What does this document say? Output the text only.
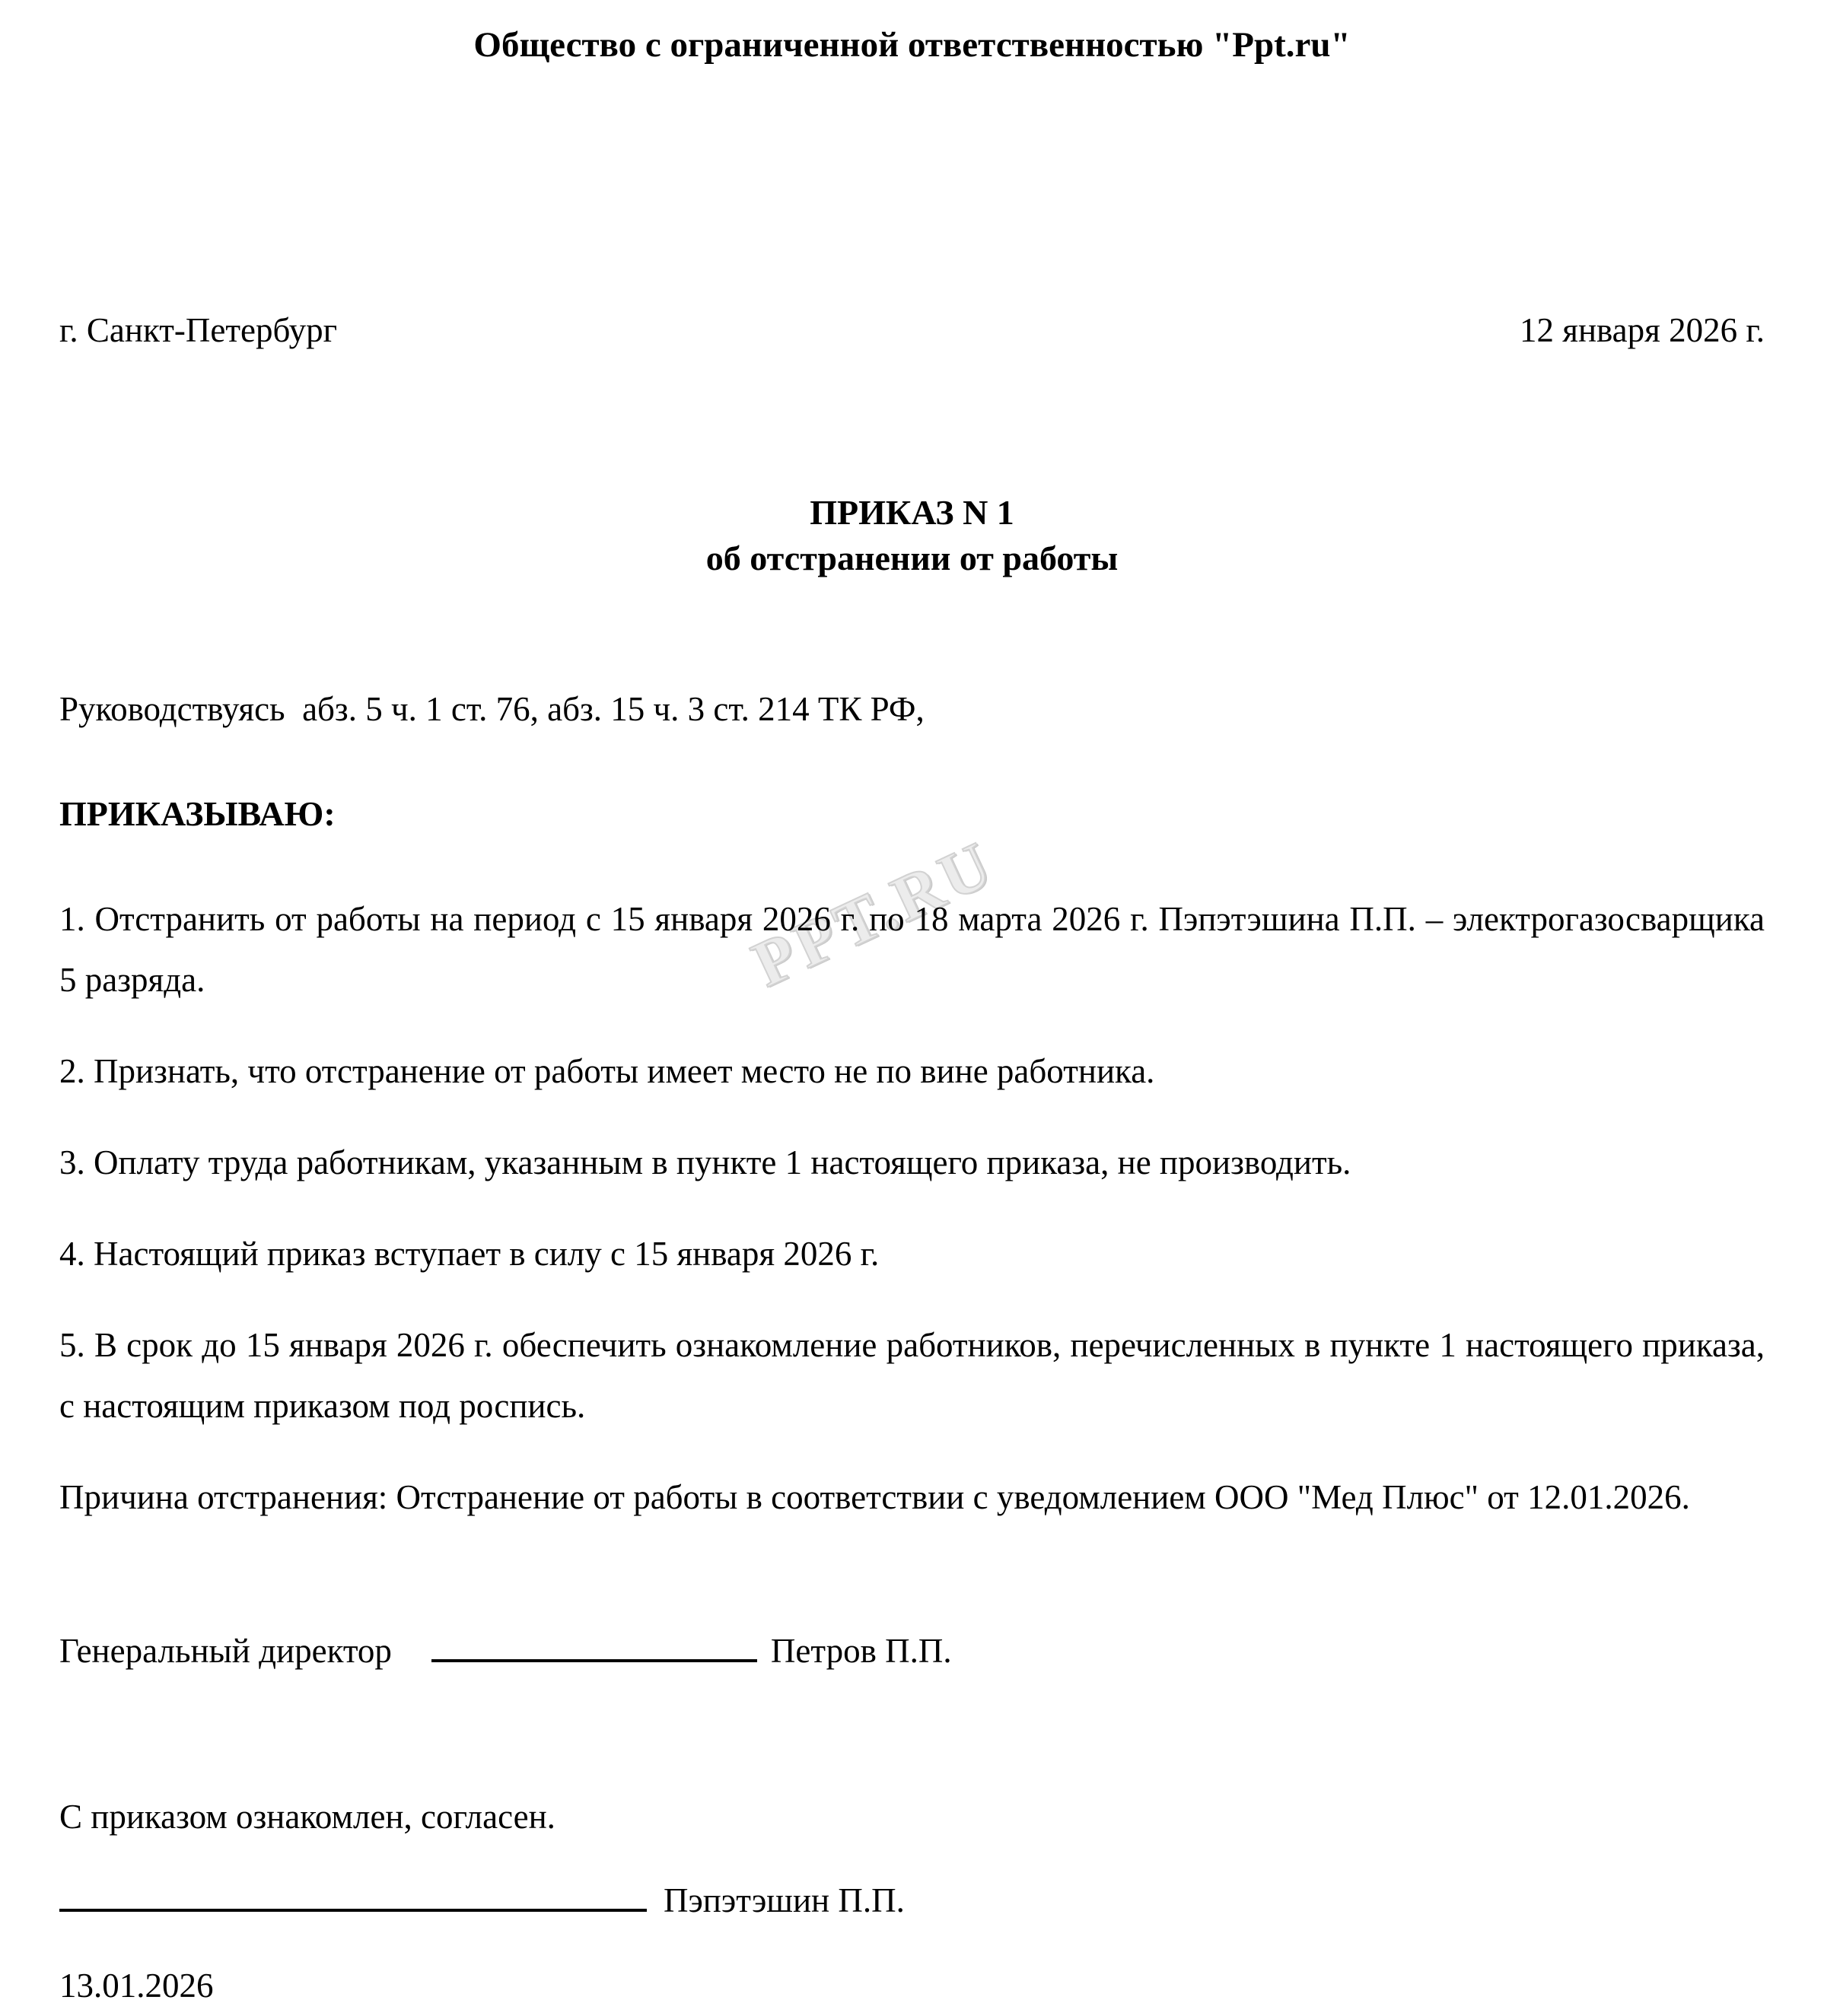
PPT.RU
Общество с ограниченной ответственностью "Ppt.ru"
г. Санкт-Петербург	12 января 2026 г.
ПРИКАЗ N 1
об отстранении от работы
Руководствуясь  абз. 5 ч. 1 ст. 76, абз. 15 ч. 3 ст. 214 ТК РФ,
ПРИКАЗЫВАЮ:

1. Отстранить от работы на период с 15 января 2026 г. по 18 марта 2026 г. Пэпэтэшина П.П. – электрогазосварщика 5 разряда.

2. Признать, что отстранение от работы имеет место не по вине работника.

3. Оплату труда работникам, указанным в пункте 1 настоящего приказа, не производить.

4. Настоящий приказ вступает в силу с 15 января 2026 г.

5. В срок до 15 января 2026 г. обеспечить ознакомление работников, перечисленных в пункте 1 настоящего приказа, с настоящим приказом под роспись.

Причина отстранения: Отстранение от работы в соответствии с уведомлением ООО "Мед Плюс" от 12.01.2026.

Генеральный директор	Петров П.П.
С приказом ознакомлен, согласен.
Пэпэтэшин П.П.
13.01.2026
